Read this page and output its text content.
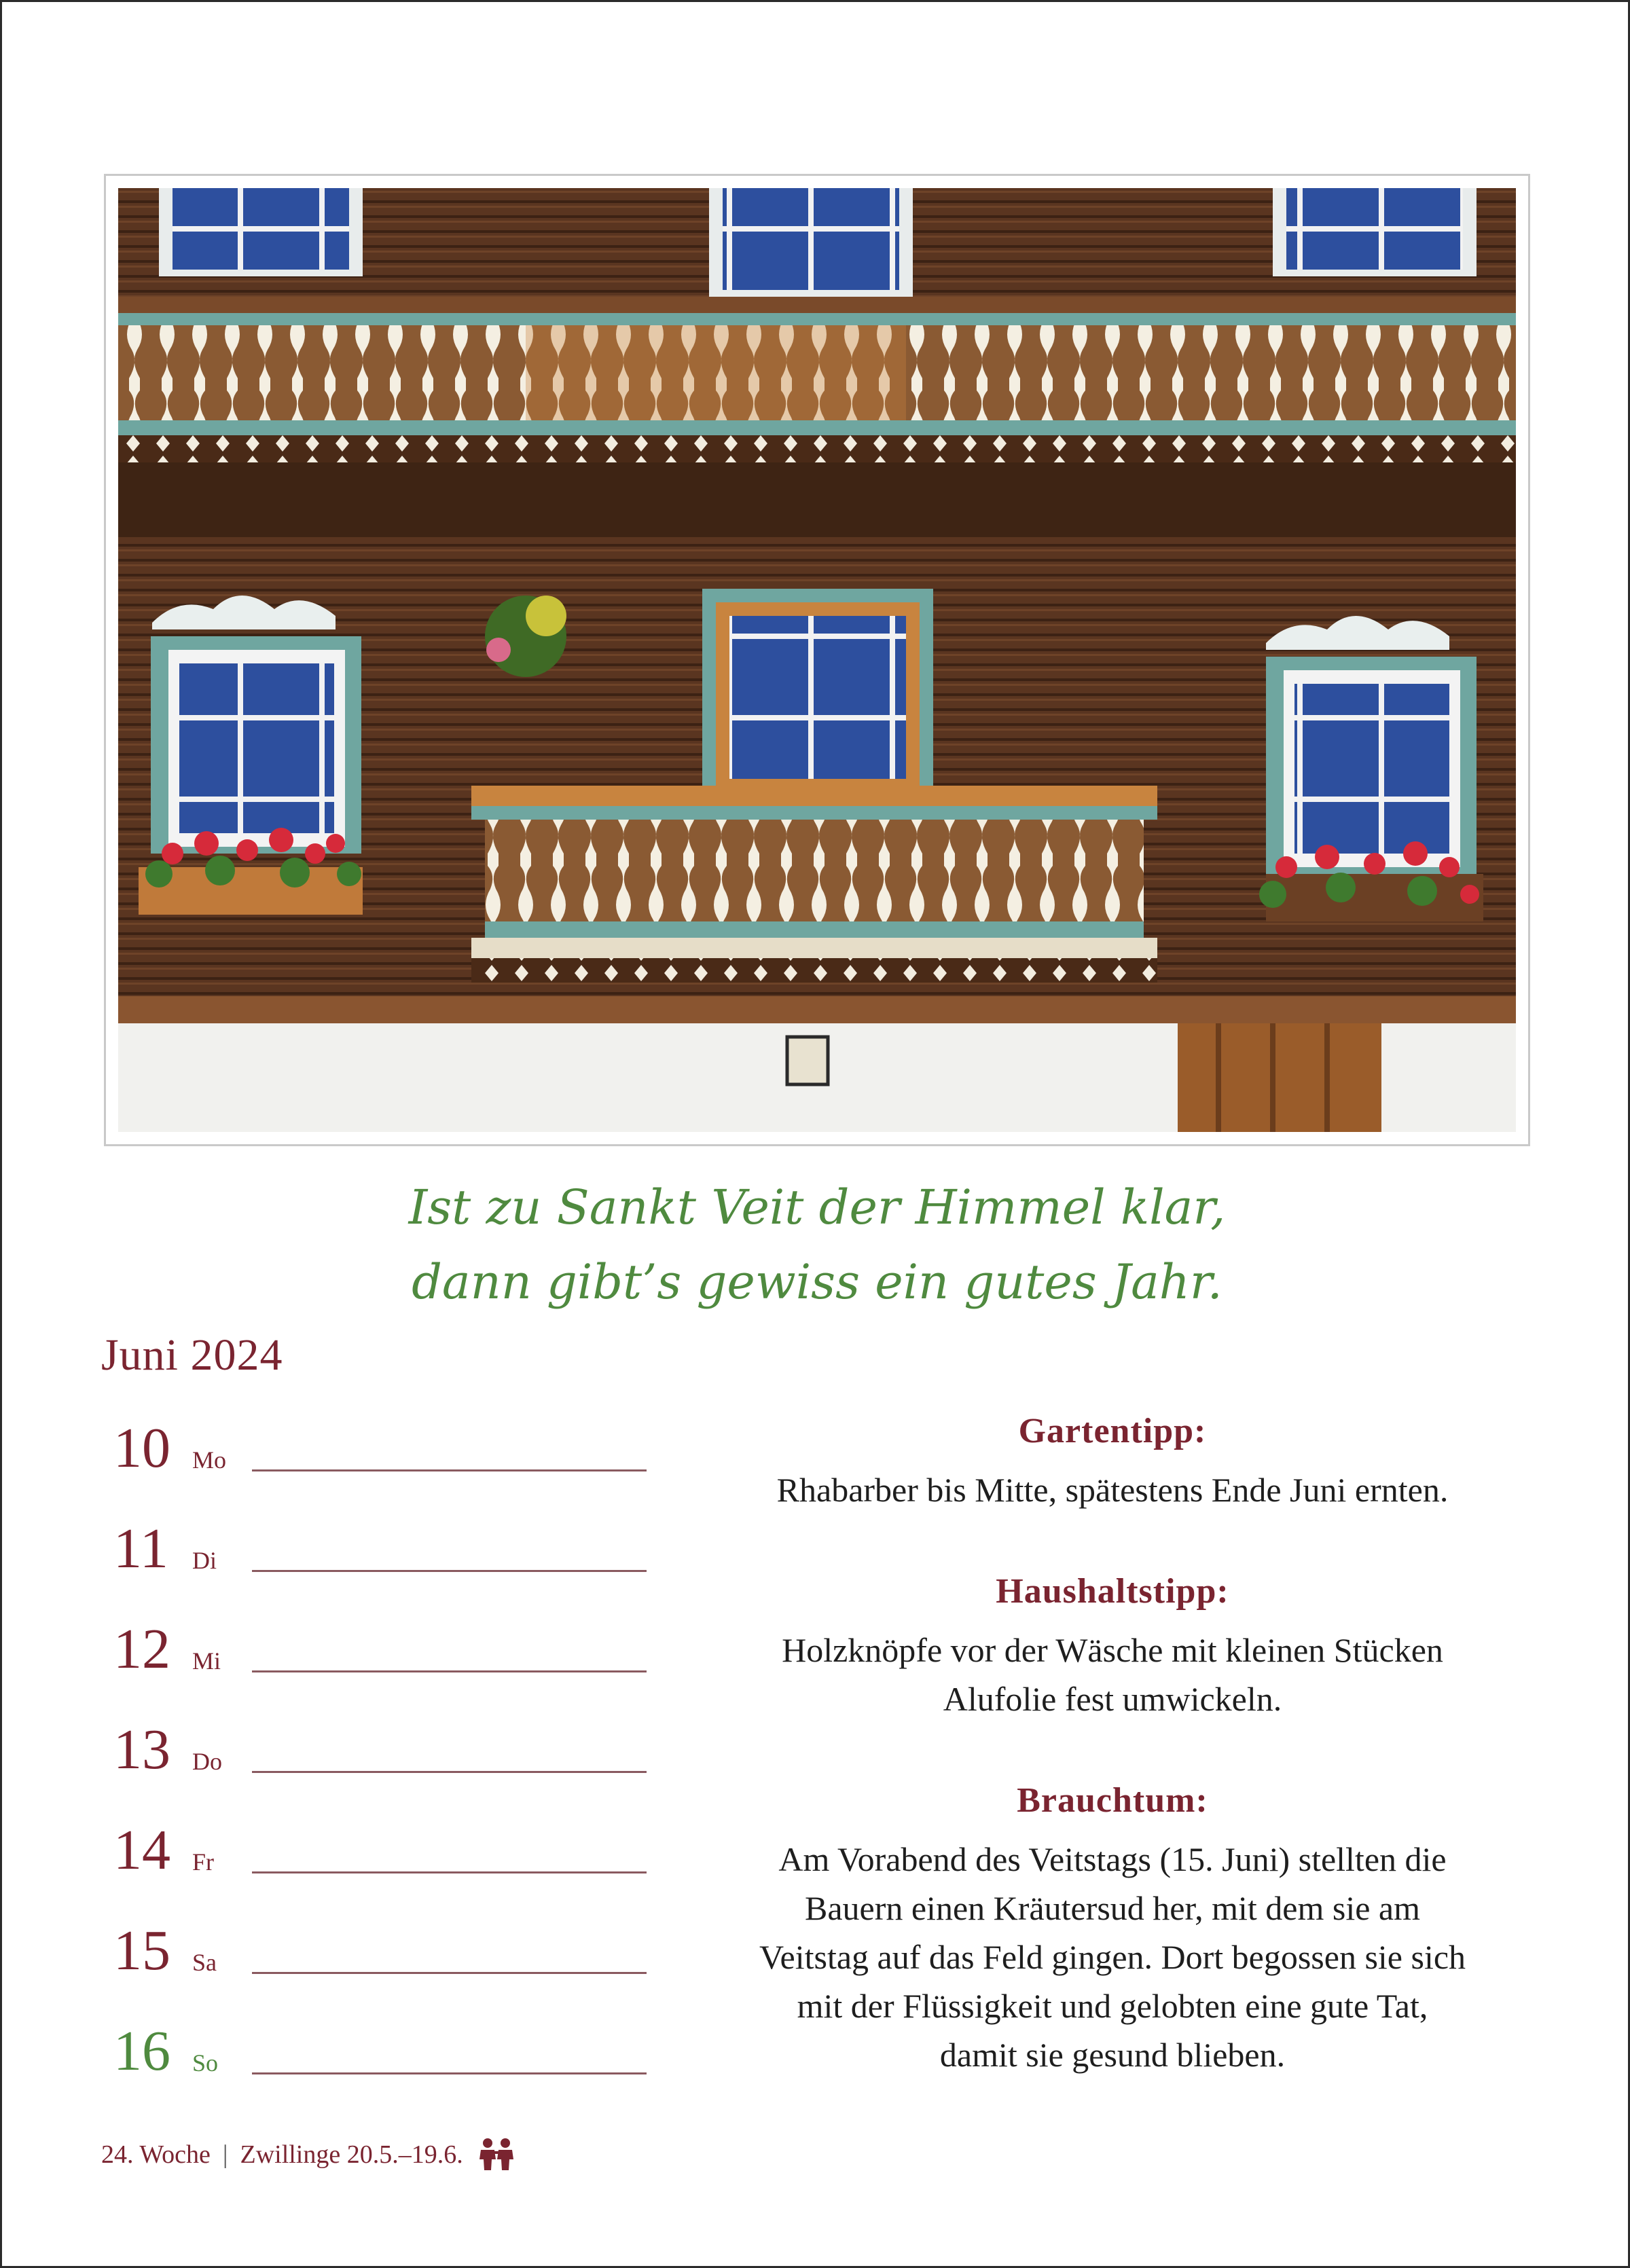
Ist zu Sankt Veit der Himmel klar,
dann gibt’s gewiss ein gutes Jahr.
Juni 2024
10 Mo
11 Di
12 Mi
13 Do
14 Fr
15 Sa
16 So
Gartentipp:

Rhabarber bis Mitte, spätestens Ende Juni ernten.

Haushaltstipp:

Holzknöpfe vor der Wäsche mit kleinen Stücken

Alufolie fest umwickeln.

Brauchtum:

Am Vorabend des Veitstags (15. Juni) stellten die

Bauern einen Kräutersud her, mit dem sie am

Veitstag auf das Feld gingen. Dort begossen sie sich

mit der Flüssigkeit und gelobten eine gute Tat,

damit sie gesund blieben.

24. Woche | Zwillinge 20.5.–19.6.
